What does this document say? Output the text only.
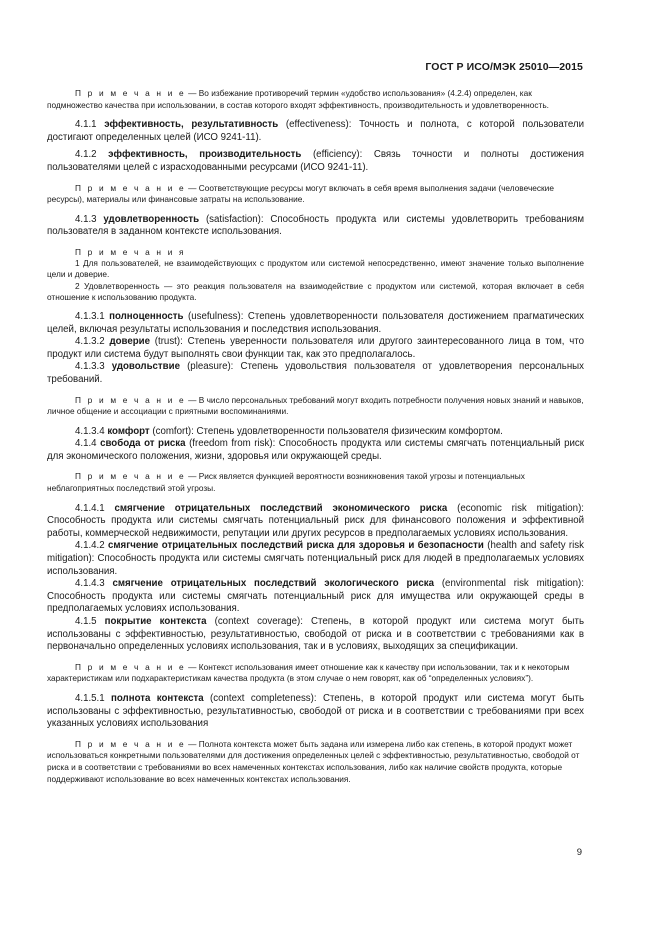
ГОСТ Р ИСО/МЭК 25010—2015

П р и м е ч а н и е — Во избежание противоречий термин «удобство использования» (4.2.4) определен, как подмножество качества при использовании, в состав которого входят эффективность, производительность и удовлетворенность.

4.1.1 эффективность, результативность (effectiveness): Точность и полнота, с которой пользователи достигают определенных целей (ИСО 9241-11).

4.1.2 эффективность, производительность (efficiency): Связь точности и полноты достижения пользователями целей с израсходованными ресурсами (ИСО 9241-11).

П р и м е ч а н и е — Соответствующие ресурсы могут включать в себя время выполнения задачи (человеческие ресурсы), материалы или финансовые затраты на использование.

4.1.3 удовлетворенность (satisfaction): Способность продукта или системы удовлетворить требованиям пользователя в заданном контексте использования.

П р и м е ч а н и я

1 Для пользователей, не взаимодействующих с продуктом или системой непосредственно, имеют значение только выполнение цели и доверие.

2 Удовлетворенность — это реакция пользователя на взаимодействие с продуктом или системой, которая включает в себя отношение к использованию продукта.

4.1.3.1 полноценность (usefulness): Степень удовлетворенности пользователя достижением прагматических целей, включая результаты использования и последствия использования.

4.1.3.2 доверие (trust): Степень уверенности пользователя или другого заинтересованного лица в том, что продукт или система будут выполнять свои функции так, как это предполагалось.

4.1.3.3 удовольствие (pleasure): Степень удовольствия пользователя от удовлетворения персональных требований.

П р и м е ч а н и е — В число персональных требований могут входить потребности получения новых знаний и навыков, личное общение и ассоциации с приятными воспоминаниями.

4.1.3.4 комфорт (comfort): Степень удовлетворенности пользователя физическим комфортом.

4.1.4 свобода от риска (freedom from risk): Способность продукта или системы смягчать потенциальный риск для экономического положения, жизни, здоровья или окружающей среды.

П р и м е ч а н и е — Риск является функцией вероятности возникновения такой угрозы и потенциальных неблагоприятных последствий этой угрозы.

4.1.4.1 смягчение отрицательных последствий экономического риска (economic risk mitigation): Способность продукта или системы смягчать потенциальный риск для финансового положения и эффективной работы, коммерческой недвижимости, репутации или других ресурсов в предполагаемых условиях использования.

4.1.4.2 смягчение отрицательных последствий риска для здоровья и безопасности (health and safety risk mitigation): Способность продукта или системы смягчать потенциальный риск для людей в предполагаемых условиях использования.

4.1.4.3 смягчение отрицательных последствий экологического риска (environmental risk mitigation): Способность продукта или системы смягчать потенциальный риск для имущества или окружающей среды в предполагаемых условиях использования.

4.1.5 покрытие контекста (context coverage): Степень, в которой продукт или система могут быть использованы с эффективностью, результативностью, свободой от риска и в соответствии с требованиями как в первоначально определенных условиях использования, так и в условиях, выходящих за спецификации.

П р и м е ч а н и е — Контекст использования имеет отношение как к качеству при использовании, так и к некоторым характеристикам или подхарактеристикам качества продукта (в этом случае о нем говорят, как об “определенных условиях”).

4.1.5.1 полнота контекста (context completeness): Степень, в которой продукт или система могут быть использованы с эффективностью, результативностью, свободой от риска и в соответствии с требованиями при всех указанных условиях использования

П р и м е ч а н и е — Полнота контекста может быть задана или измерена либо как степень, в которой продукт может использоваться конкретными пользователями для достижения определенных целей с эффективностью, результативностью, свободой от риска и в соответствии с требованиями во всех намеченных контекстах использования, либо как наличие свойств продукта, которые поддерживают использование во всех намеченных контекстах использования.

9
